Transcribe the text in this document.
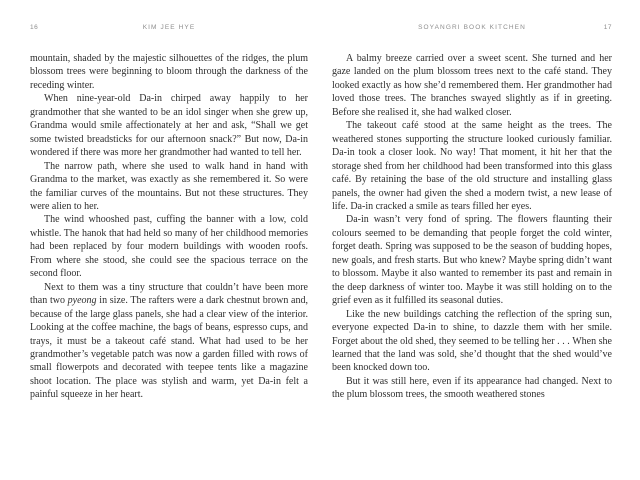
16	KIM JEE HYE

mountain, shaded by the majestic silhouettes of the ridges, the plum blossom trees were beginning to bloom through the darkness of the receding winter.

When nine-year-old Da-in chirped away happily to her grandmother that she wanted to be an idol singer when she grew up, Grandma would smile affectionately at her and ask, “Shall we get some twisted breadsticks for our afternoon snack?” But now, Da-in wondered if there was more her grandmother had wanted to tell her.

The narrow path, where she used to walk hand in hand with Grandma to the market, was exactly as she remembered it. So were the familiar curves of the mountains. But not these structures. They were alien to her.

The wind whooshed past, cuffing the banner with a low, cold whistle. The hanok that had held so many of her childhood memories had been replaced by four modern buildings with wooden roofs. From where she stood, she could see the spacious terrace on the second floor.

Next to them was a tiny structure that couldn’t have been more than two pyeong in size. The rafters were a dark chestnut brown and, because of the large glass panels, she had a clear view of the interior. Looking at the coffee machine, the bags of beans, espresso cups, and trays, it must be a takeout café stand. What had used to be her grandmother’s vegetable patch was now a garden filled with rows of small flowerpots and decorated with teepee tents like a magazine shoot location. The place was stylish and warm, yet Da-in felt a painful squeeze in her heart.

SOYANGRI BOOK KITCHEN	17

A balmy breeze carried over a sweet scent. She turned and her gaze landed on the plum blossom trees next to the café stand. They looked exactly as how she’d remembered them. Her grandmother had loved those trees. The branches swayed slightly as if in greeting. Before she realised it, she had walked closer.

The takeout café stood at the same height as the trees. The weathered stones supporting the structure looked curiously familiar. Da-in took a closer look. No way! That moment, it hit her that the storage shed from her childhood had been transformed into this glass café. By retaining the base of the old structure and installing glass panels, the owner had given the shed a modern twist, a new lease of life. Da-in cracked a smile as tears filled her eyes.

Da-in wasn’t very fond of spring. The flowers flaunting their colours seemed to be demanding that people forget the cold winter, forget death. Spring was supposed to be the season of budding hopes, new goals, and fresh starts. But who knew? Maybe spring didn’t want to blossom. Maybe it also wanted to remember its past and remain in the deep darkness of winter too. Maybe it was still holding on to the grief even as it fulfilled its seasonal duties.

Like the new buildings catching the reflection of the spring sun, everyone expected Da-in to shine, to dazzle them with her smile. Forget about the old shed, they seemed to be telling her . . . When she learned that the land was sold, she’d thought that the shed would’ve been knocked down too.

But it was still here, even if its appearance had changed. Next to the plum blossom trees, the smooth weathered stones
